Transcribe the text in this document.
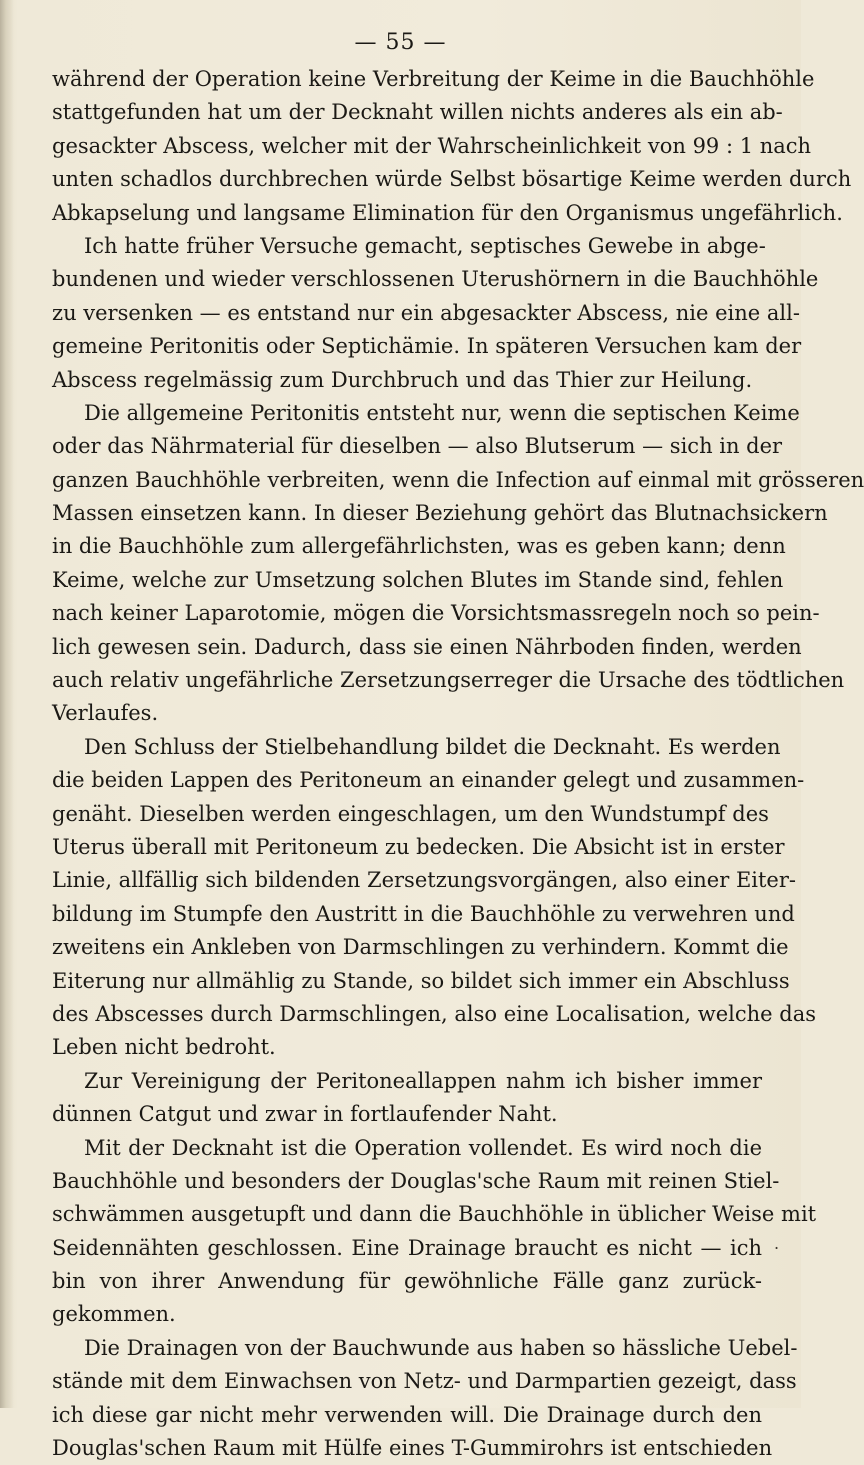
— 55 —
während der Operation keine Verbreitung der Keime in die Bauchhöhle
stattgefunden hat um der Decknaht willen nichts anderes als ein ab-
gesackter Abscess, welcher mit der Wahrscheinlichkeit von 99 : 1 nach
unten schadlos durchbrechen würde Selbst bösartige Keime werden durch
Abkapselung und langsame Elimination für den Organismus ungefährlich.
Ich hatte früher Versuche gemacht, septisches Gewebe in abge-
bundenen und wieder verschlossenen Uterushörnern in die Bauchhöhle
zu versenken — es entstand nur ein abgesackter Abscess, nie eine all-
gemeine Peritonitis oder Septichämie. In späteren Versuchen kam der
Abscess regelmässig zum Durchbruch und das Thier zur Heilung.
Die allgemeine Peritonitis entsteht nur, wenn die septischen Keime
oder das Nährmaterial für dieselben — also Blutserum — sich in der
ganzen Bauchhöhle verbreiten, wenn die Infection auf einmal mit grösseren
Massen einsetzen kann. In dieser Beziehung gehört das Blutnachsickern
in die Bauchhöhle zum allergefährlichsten, was es geben kann; denn
Keime, welche zur Umsetzung solchen Blutes im Stande sind, fehlen
nach keiner Laparotomie, mögen die Vorsichtsmassregeln noch so pein-
lich gewesen sein. Dadurch, dass sie einen Nährboden finden, werden
auch relativ ungefährliche Zersetzungserreger die Ursache des tödtlichen
Verlaufes.
Den Schluss der Stielbehandlung bildet die Decknaht. Es werden
die beiden Lappen des Peritoneum an einander gelegt und zusammen-
genäht. Dieselben werden eingeschlagen, um den Wundstumpf des
Uterus überall mit Peritoneum zu bedecken. Die Absicht ist in erster
Linie, allfällig sich bildenden Zersetzungsvorgängen, also einer Eiter-
bildung im Stumpfe den Austritt in die Bauchhöhle zu verwehren und
zweitens ein Ankleben von Darmschlingen zu verhindern. Kommt die
Eiterung nur allmählig zu Stande, so bildet sich immer ein Abschluss
des Abscesses durch Darmschlingen, also eine Localisation, welche das
Leben nicht bedroht.
Zur Vereinigung der Peritoneallappen nahm ich bisher immer
dünnen Catgut und zwar in fortlaufender Naht.
Mit der Decknaht ist die Operation vollendet. Es wird noch die
Bauchhöhle und besonders der Douglas'sche Raum mit reinen Stiel-
schwämmen ausgetupft und dann die Bauchhöhle in üblicher Weise mit
Seidennähten geschlossen. Eine Drainage braucht es nicht — ich
bin von ihrer Anwendung für gewöhnliche Fälle ganz zurück-
gekommen.
Die Drainagen von der Bauchwunde aus haben so hässliche Uebel-
stände mit dem Einwachsen von Netz- und Darmpartien gezeigt, dass
ich diese gar nicht mehr verwenden will. Die Drainage durch den
Douglas'schen Raum mit Hülfe eines T-Gummirohrs ist entschieden
.
